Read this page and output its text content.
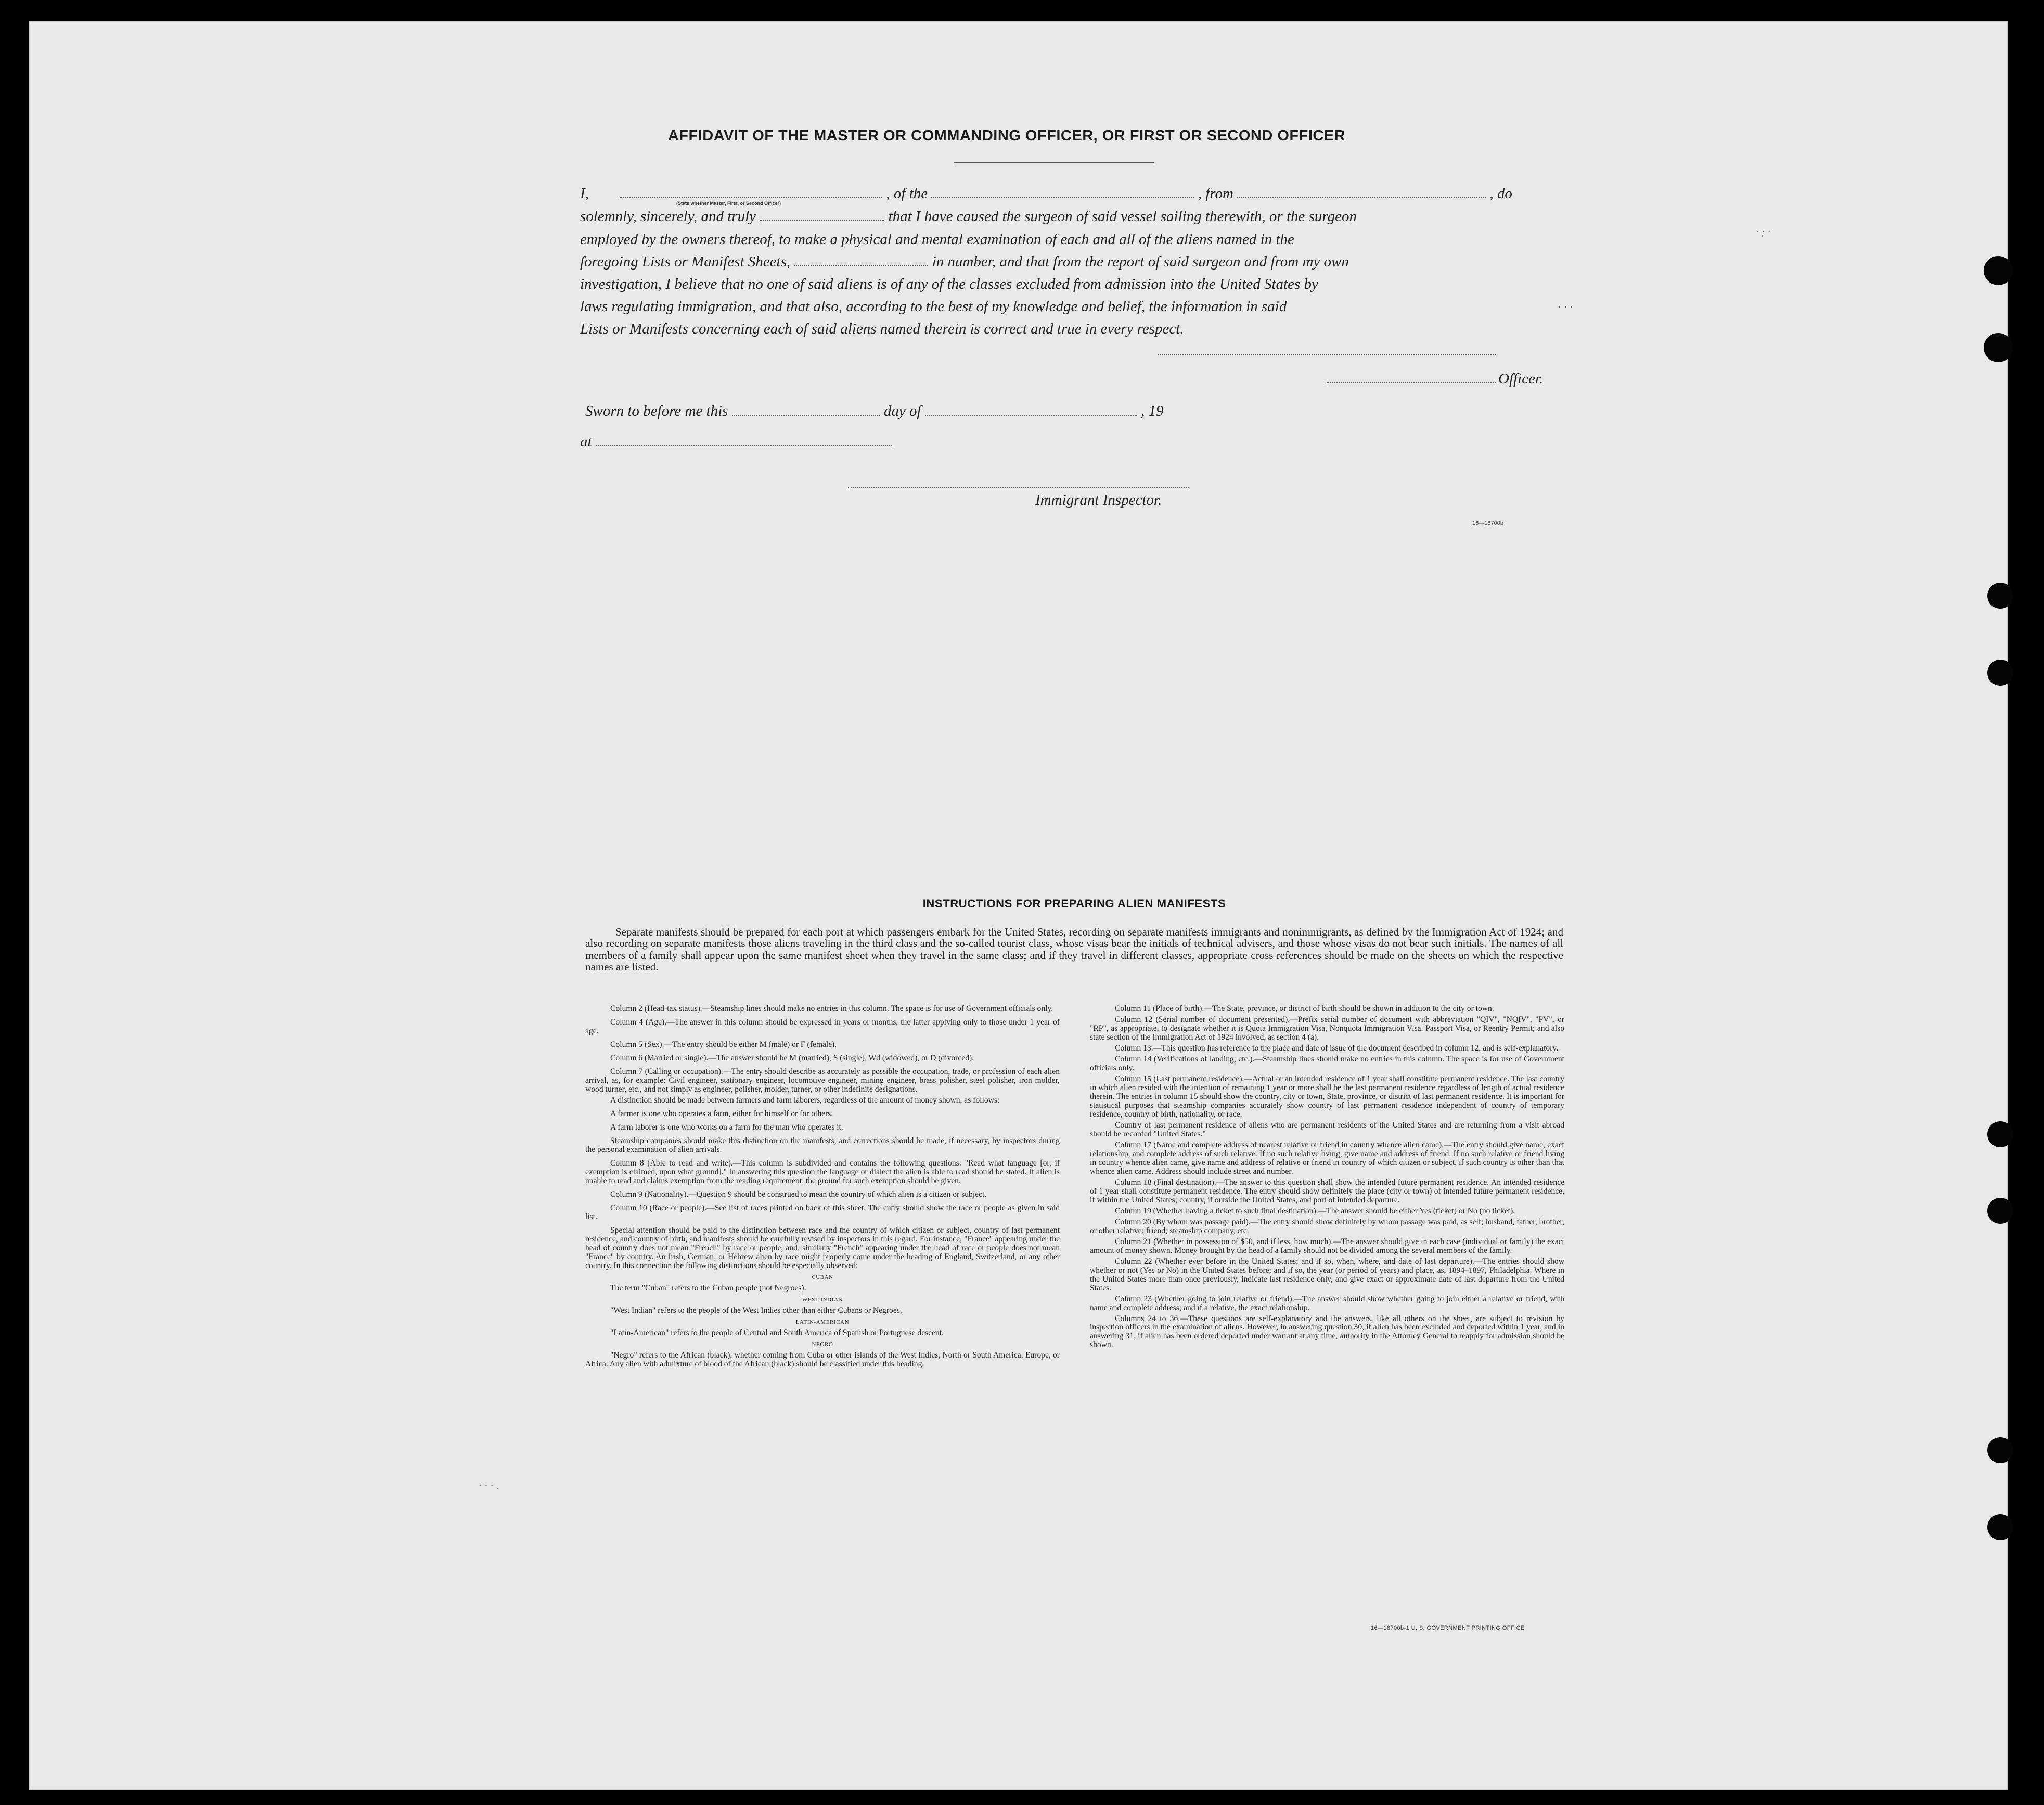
· ·̣ ·
· · ·
· · · .
AFFIDAVIT OF THE MASTER OR COMMANDING OFFICER, OR FIRST OR SECOND OFFICER
I,	, of the	, from	, do
(State whether Master, First, or Second Officer)
solemnly, sincerely, and truly	that I have caused the surgeon of said vessel sailing therewith, or the surgeon
employed by the owners thereof, to make a physical and mental examination of each and all of the aliens named in the
foregoing Lists or Manifest Sheets,	in number, and that from the report of said surgeon and from my own
investigation, I believe that no one of said aliens is of any of the classes excluded from admission into the United States by
laws regulating immigration, and that also, according to the best of my knowledge and belief, the information in said
Lists or Manifests concerning each of said aliens named therein is correct and true in every respect.
Officer.
Sworn to before me this	day of	, 19
at
Immigrant Inspector.
16—18700b
INSTRUCTIONS FOR PREPARING ALIEN MANIFESTS
Separate manifests should be prepared for each port at which passengers embark for the United States, recording on separate manifests immigrants and nonimmigrants, as defined by the Immigration Act of 1924; and also recording on separate manifests those aliens traveling in the third class and the so-called tourist class, whose visas bear the initials of technical advisers, and those whose visas do not bear such initials. The names of all members of a family shall appear upon the same manifest sheet when they travel in the same class; and if they travel in different classes, appropriate cross references should be made on the sheets on which the respective names are listed.

Column 2 (Head-tax status).—Steamship lines should make no entries in this column. The space is for use of Government officials only.

Column 4 (Age).—The answer in this column should be expressed in years or months, the latter applying only to those under 1 year of age.

Column 5 (Sex).—The entry should be either M (male) or F (female).

Column 6 (Married or single).—The answer should be M (married), S (single), Wd (widowed), or D (divorced).

Column 7 (Calling or occupation).—The entry should describe as accurately as possible the occupation, trade, or profession of each alien arrival, as, for example: Civil engineer, stationary engineer, locomotive engineer, mining engineer, brass polisher, steel polisher, iron molder, wood turner, etc., and not simply as engineer, polisher, molder, turner, or other indefinite designations.

A distinction should be made between farmers and farm laborers, regardless of the amount of money shown, as follows:

A farmer is one who operates a farm, either for himself or for others.

A farm laborer is one who works on a farm for the man who operates it.

Steamship companies should make this distinction on the manifests, and corrections should be made, if necessary, by inspectors during the personal examination of alien arrivals.

Column 8 (Able to read and write).—This column is subdivided and contains the following questions: "Read what language [or, if exemption is claimed, upon what ground]." In answering this question the language or dialect the alien is able to read should be stated. If alien is unable to read and claims exemption from the reading requirement, the ground for such exemption should be given.

Column 9 (Nationality).—Question 9 should be construed to mean the country of which alien is a citizen or subject.

Column 10 (Race or people).—See list of races printed on back of this sheet. The entry should show the race or people as given in said list.

Special attention should be paid to the distinction between race and the country of which citizen or subject, country of last permanent residence, and country of birth, and manifests should be carefully revised by inspectors in this regard. For instance, "France" appearing under the head of country does not mean "French" by race or people, and, similarly "French" appearing under the head of race or people does not mean "France" by country. An Irish, German, or Hebrew alien by race might properly come under the heading of England, Switzerland, or any other country. In this connection the following distinctions should be especially observed:

CUBAN

The term "Cuban" refers to the Cuban people (not Negroes).

WEST INDIAN

"West Indian" refers to the people of the West Indies other than either Cubans or Negroes.

LATIN-AMERICAN

"Latin-American" refers to the people of Central and South America of Spanish or Portuguese descent.

NEGRO

"Negro" refers to the African (black), whether coming from Cuba or other islands of the West Indies, North or South America, Europe, or Africa. Any alien with admixture of blood of the African (black) should be classified under this heading.

Column 11 (Place of birth).—The State, province, or district of birth should be shown in addition to the city or town.

Column 12 (Serial number of document presented).—Prefix serial number of document with abbreviation "QIV", "NQIV", "PV", or "RP", as appropriate, to designate whether it is Quota Immigration Visa, Nonquota Immigration Visa, Passport Visa, or Reentry Permit; and also state section of the Immigration Act of 1924 involved, as section 4 (a).

Column 13.—This question has reference to the place and date of issue of the document described in column 12, and is self-explanatory.

Column 14 (Verifications of landing, etc.).—Steamship lines should make no entries in this column. The space is for use of Government officials only.

Column 15 (Last permanent residence).—Actual or an intended residence of 1 year shall constitute permanent residence. The last country in which alien resided with the intention of remaining 1 year or more shall be the last permanent residence regardless of length of actual residence therein. The entries in column 15 should show the country, city or town, State, province, or district of last permanent residence. It is important for statistical purposes that steamship companies accurately show country of last permanent residence independent of country of temporary residence, country of birth, nationality, or race.

Country of last permanent residence of aliens who are permanent residents of the United States and are returning from a visit abroad should be recorded "United States."

Column 17 (Name and complete address of nearest relative or friend in country whence alien came).—The entry should give name, exact relationship, and complete address of such relative. If no such relative living, give name and address of friend. If no such relative or friend living in country whence alien came, give name and address of relative or friend in country of which citizen or subject, if such country is other than that whence alien came. Address should include street and number.

Column 18 (Final destination).—The answer to this question shall show the intended future permanent residence. An intended residence of 1 year shall constitute permanent residence. The entry should show definitely the place (city or town) of intended future permanent residence, if within the United States; country, if outside the United States, and port of intended departure.

Column 19 (Whether having a ticket to such final destination).—The answer should be either Yes (ticket) or No (no ticket).

Column 20 (By whom was passage paid).—The entry should show definitely by whom passage was paid, as self; husband, father, brother, or other relative; friend; steamship company, etc.

Column 21 (Whether in possession of $50, and if less, how much).—The answer should give in each case (individual or family) the exact amount of money shown. Money brought by the head of a family should not be divided among the several members of the family.

Column 22 (Whether ever before in the United States; and if so, when, where, and date of last departure).—The entries should show whether or not (Yes or No) in the United States before; and if so, the year (or period of years) and place, as, 1894–1897, Philadelphia. Where in the United States more than once previously, indicate last residence only, and give exact or approximate date of last departure from the United States.

Column 23 (Whether going to join relative or friend).—The answer should show whether going to join either a relative or friend, with name and complete address; and if a relative, the exact relationship.

Columns 24 to 36.—These questions are self-explanatory and the answers, like all others on the sheet, are subject to revision by inspection officers in the examination of aliens. However, in answering question 30, if alien has been excluded and deported within 1 year, and in answering 31, if alien has been ordered deported under warrant at any time, authority in the Attorney General to reapply for admission should be shown.

16—18700b-1 U. S. GOVERNMENT PRINTING OFFICE
